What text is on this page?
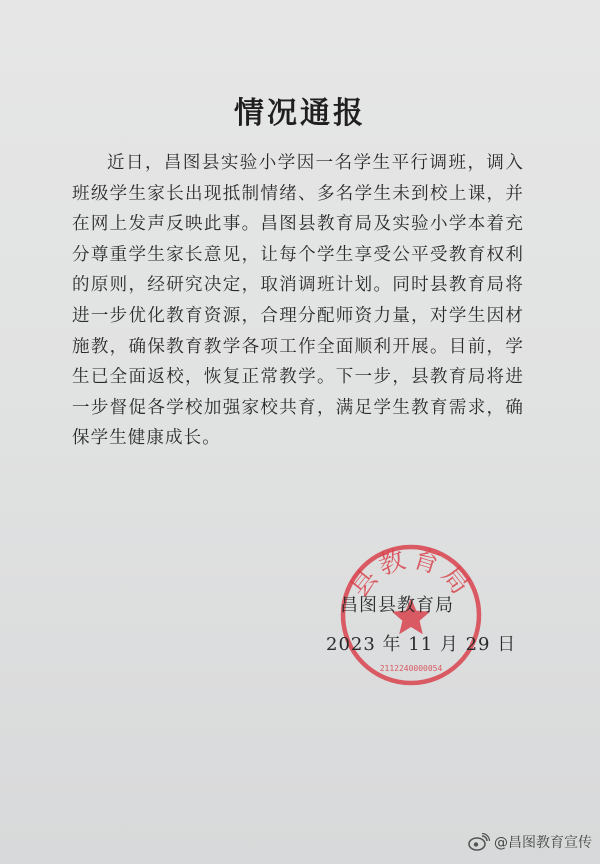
情况通报

近日，昌图县实验小学因一名学生平行调班，调入班级学生家长出现抵制情绪、多名学生未到校上课，并在网上发声反映此事。昌图县教育局及实验小学本着充分尊重学生家长意见，让每个学生享受公平受教育权利的原则，经研究决定，取消调班计划。同时县教育局将进一步优化教育资源，合理分配师资力量，对学生因材施教，确保教育教学各项工作全面顺利开展。目前，学生已全面返校，恢复正常教学。下一步，县教育局将进一步督促各学校加强家校共育，满足学生教育需求，确保学生健康成长。

县教育局
2112240000054
昌图县教育局
2023 年 11 月 29 日
@昌图教育宣传
